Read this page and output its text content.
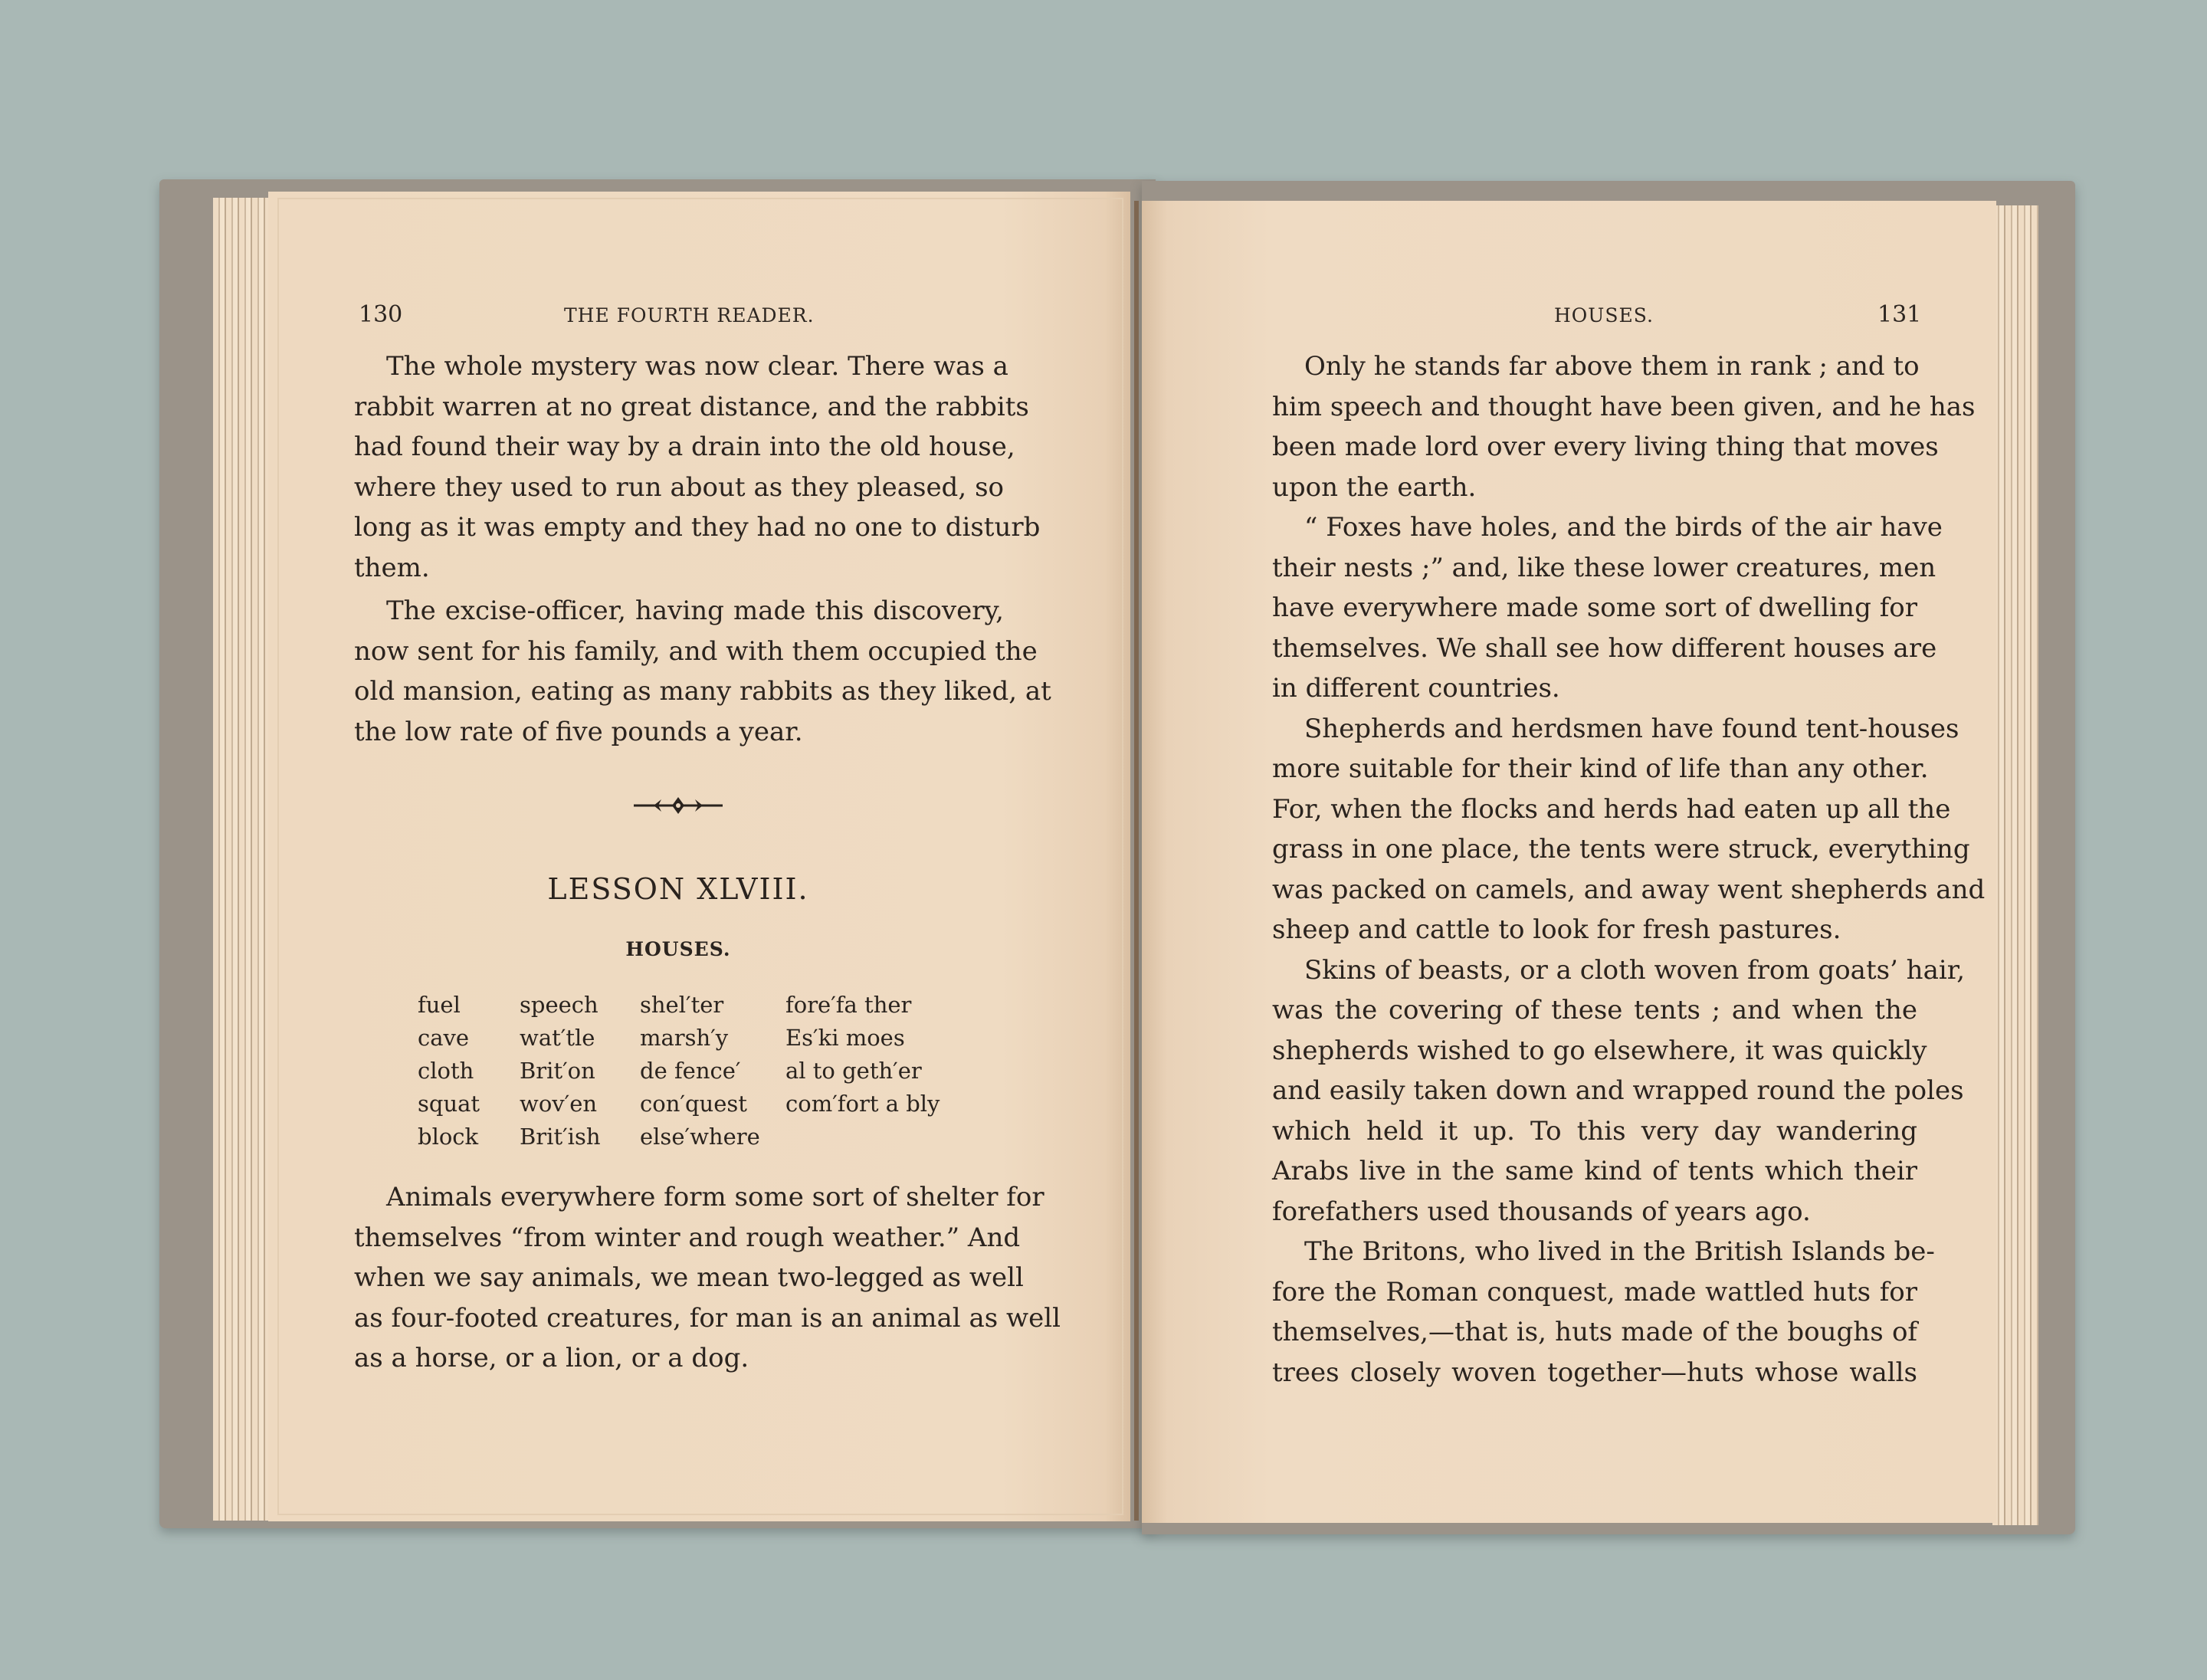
130	THE FOURTH READER.

The whole mystery was now clear. There was a

rabbit warren at no great distance, and the rabbits

had found their way by a drain into the old house,

where they used to run about as they pleased, so

long as it was empty and they had no one to disturb

them.

The excise-officer, having made this discovery,

now sent for his family, and with them occupied the

old mansion, eating as many rabbits as they liked, at

the low rate of five pounds a year.

LESSON XLVIII.
HOUSES.
fuel
cave
cloth
squat
block
speech
wat′tle
Brit′on
wov′en
Brit′ish
shel′ter
marsh′y
de fence′
con′quest
else′where
fore′fa ther
Es′ki moes
al to geth′er
com′fort a bly

Animals everywhere form some sort of shelter for

themselves “from winter and rough weather.” And

when we say animals, we mean two-legged as well

as four-footed creatures, for man is an animal as well

as a horse, or a lion, or a dog.

HOUSES.	131

Only he stands far above them in rank ; and to

him speech and thought have been given, and he has

been made lord over every living thing that moves

upon the earth.

“ Foxes have holes, and the birds of the air have

their nests ;” and, like these lower creatures, men

have everywhere made some sort of dwelling for

themselves. We shall see how different houses are

in different countries.

Shepherds and herdsmen have found tent-houses

more suitable for their kind of life than any other.

For, when the flocks and herds had eaten up all the

grass in one place, the tents were struck, everything

was packed on camels, and away went shepherds and

sheep and cattle to look for fresh pastures.

Skins of beasts, or a cloth woven from goats’ hair,

was the covering of these tents ; and when the

shepherds wished to go elsewhere, it was quickly

and easily taken down and wrapped round the poles

which held it up. To this very day wandering

Arabs live in the same kind of tents which their

forefathers used thousands of years ago.

The Britons, who lived in the British Islands be-

fore the Roman conquest, made wattled huts for

themselves,—that is, huts made of the boughs of

trees closely woven together—huts whose walls
